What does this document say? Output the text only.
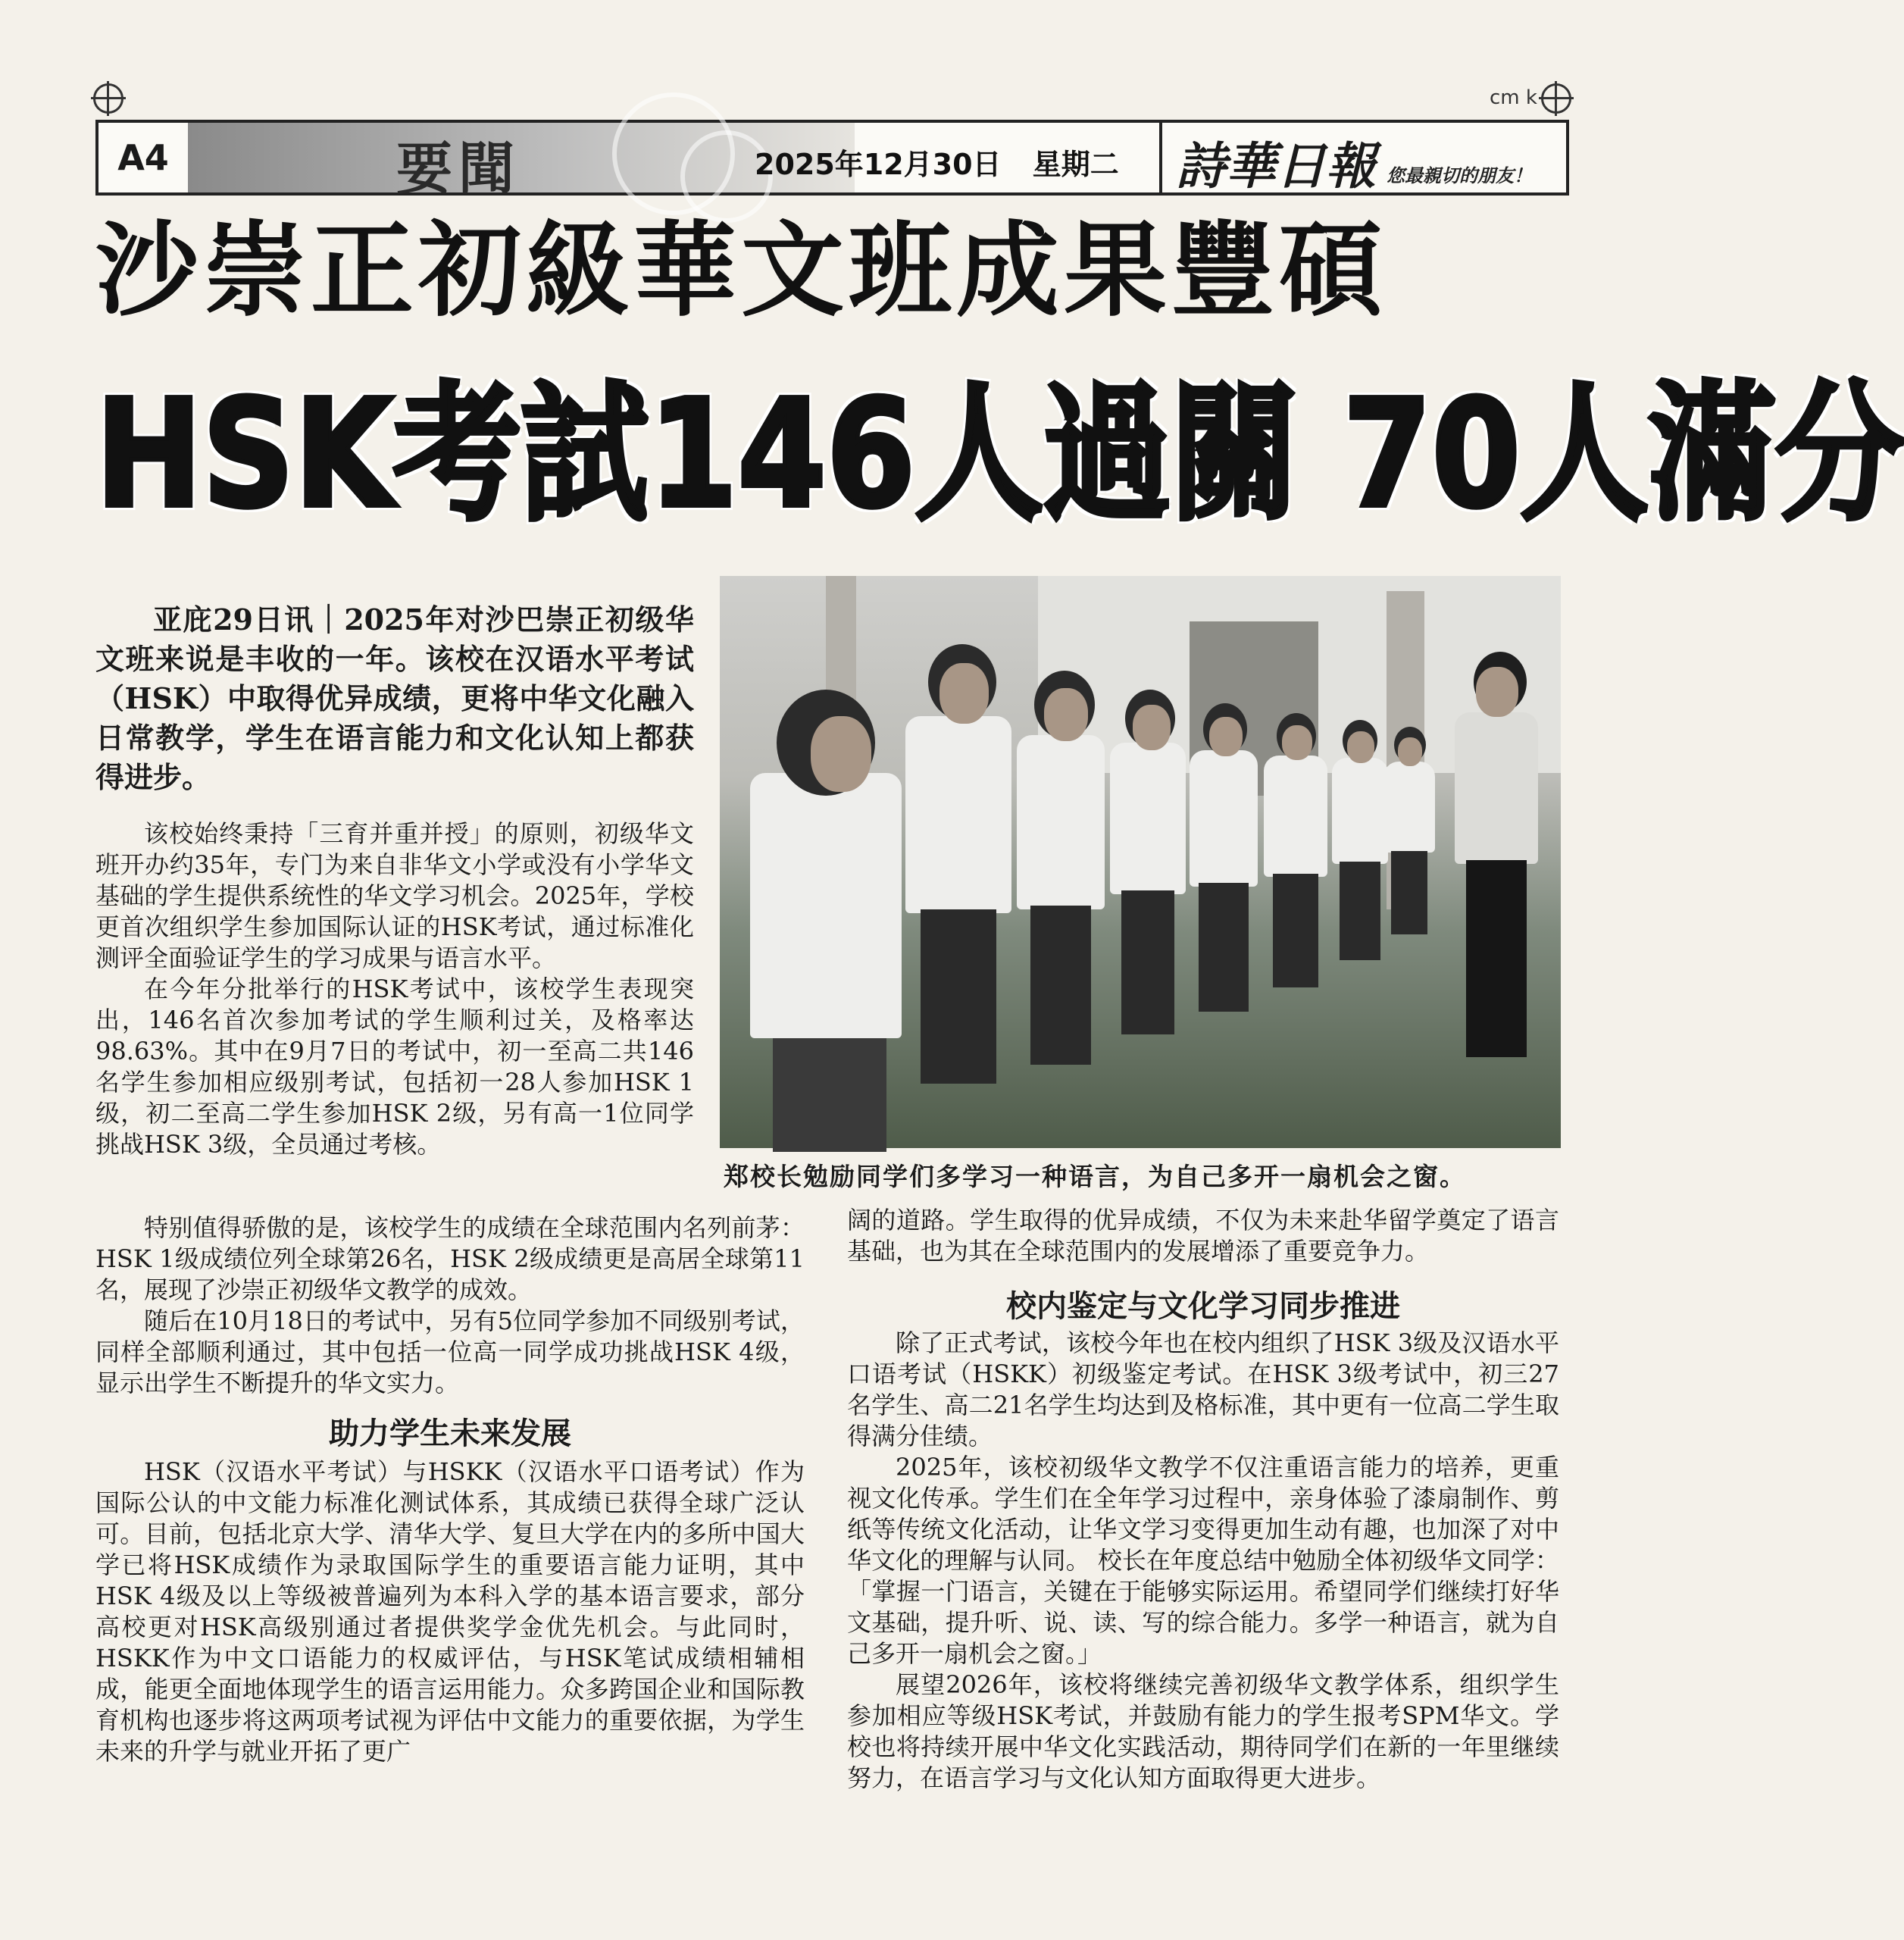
cm k
A4	要聞	2025年12月30日 星期二 詩華日報 您最親切的朋友！
沙崇正初級華文班成果豐碩
HSK考試146人過關 70人滿分
郑校长勉励同学们多学习一种语言，为自己多开一扇机会之窗。

亚庇29日讯｜2025年对沙巴崇正初级华文班来说是丰收的一年。该校在汉语水平考试（HSK）中取得优异成绩，更将中华文化融入日常教学，学生在语言能力和文化认知上都获得进步。

该校始终秉持「三育并重并授」的原则，初级华文班开办约35年，专门为来自非华文小学或没有小学华文基础的学生提供系统性的华文学习机会。2025年，学校更首次组织学生参加国际认证的HSK考试，通过标准化测评全面验证学生的学习成果与语言水平。

在今年分批举行的HSK考试中，该校学生表现突出，146名首次参加考试的学生顺利过关，及格率达98.63%。其中在9月7日的考试中，初一至高二共146名学生参加相应级别考试，包括初一28人参加HSK 1级，初二至高二学生参加HSK 2级，另有高一1位同学挑战HSK 3级，全员通过考核。

特别值得骄傲的是，该校学生的成绩在全球范围内名列前茅：HSK 1级成绩位列全球第26名，HSK 2级成绩更是高居全球第11名，展现了沙崇正初级华文教学的成效。

随后在10月18日的考试中，另有5位同学参加不同级别考试，同样全部顺利通过，其中包括一位高一同学成功挑战HSK 4级，显示出学生不断提升的华文实力。

助力学生未来发展

HSK（汉语水平考试）与HSKK（汉语水平口语考试）作为国际公认的中文能力标准化测试体系，其成绩已获得全球广泛认可。目前，包括北京大学、清华大学、复旦大学在内的多所中国大学已将HSK成绩作为录取国际学生的重要语言能力证明，其中HSK 4级及以上等级被普遍列为本科入学的基本语言要求，部分高校更对HSK高级别通过者提供奖学金优先机会。与此同时，HSKK作为中文口语能力的权威评估，与HSK笔试成绩相辅相成，能更全面地体现学生的语言运用能力。众多跨国企业和国际教育机构也逐步将这两项考试视为评估中文能力的重要依据，为学生未来的升学与就业开拓了更广

阔的道路。学生取得的优异成绩，不仅为未来赴华留学奠定了语言基础，也为其在全球范围内的发展增添了重要竞争力。

校内鉴定与文化学习同步推进

除了正式考试，该校今年也在校内组织了HSK 3级及汉语水平口语考试（HSKK）初级鉴定考试。在HSK 3级考试中，初三27名学生、高二21名学生均达到及格标准，其中更有一位高二学生取得满分佳绩。

2025年，该校初级华文教学不仅注重语言能力的培养，更重视文化传承。学生们在全年学习过程中，亲身体验了漆扇制作、剪纸等传统文化活动，让华文学习变得更加生动有趣，也加深了对中华文化的理解与认同。 校长在年度总结中勉励全体初级华文同学：「掌握一门语言，关键在于能够实际运用。希望同学们继续打好华文基础，提升听、说、读、写的综合能力。多学一种语言，就为自己多开一扇机会之窗。」

展望2026年，该校将继续完善初级华文教学体系，组织学生参加相应等级HSK考试，并鼓励有能力的学生报考SPM华文。学校也将持续开展中华文化实践活动，期待同学们在新的一年里继续努力，在语言学习与文化认知方面取得更大进步。
